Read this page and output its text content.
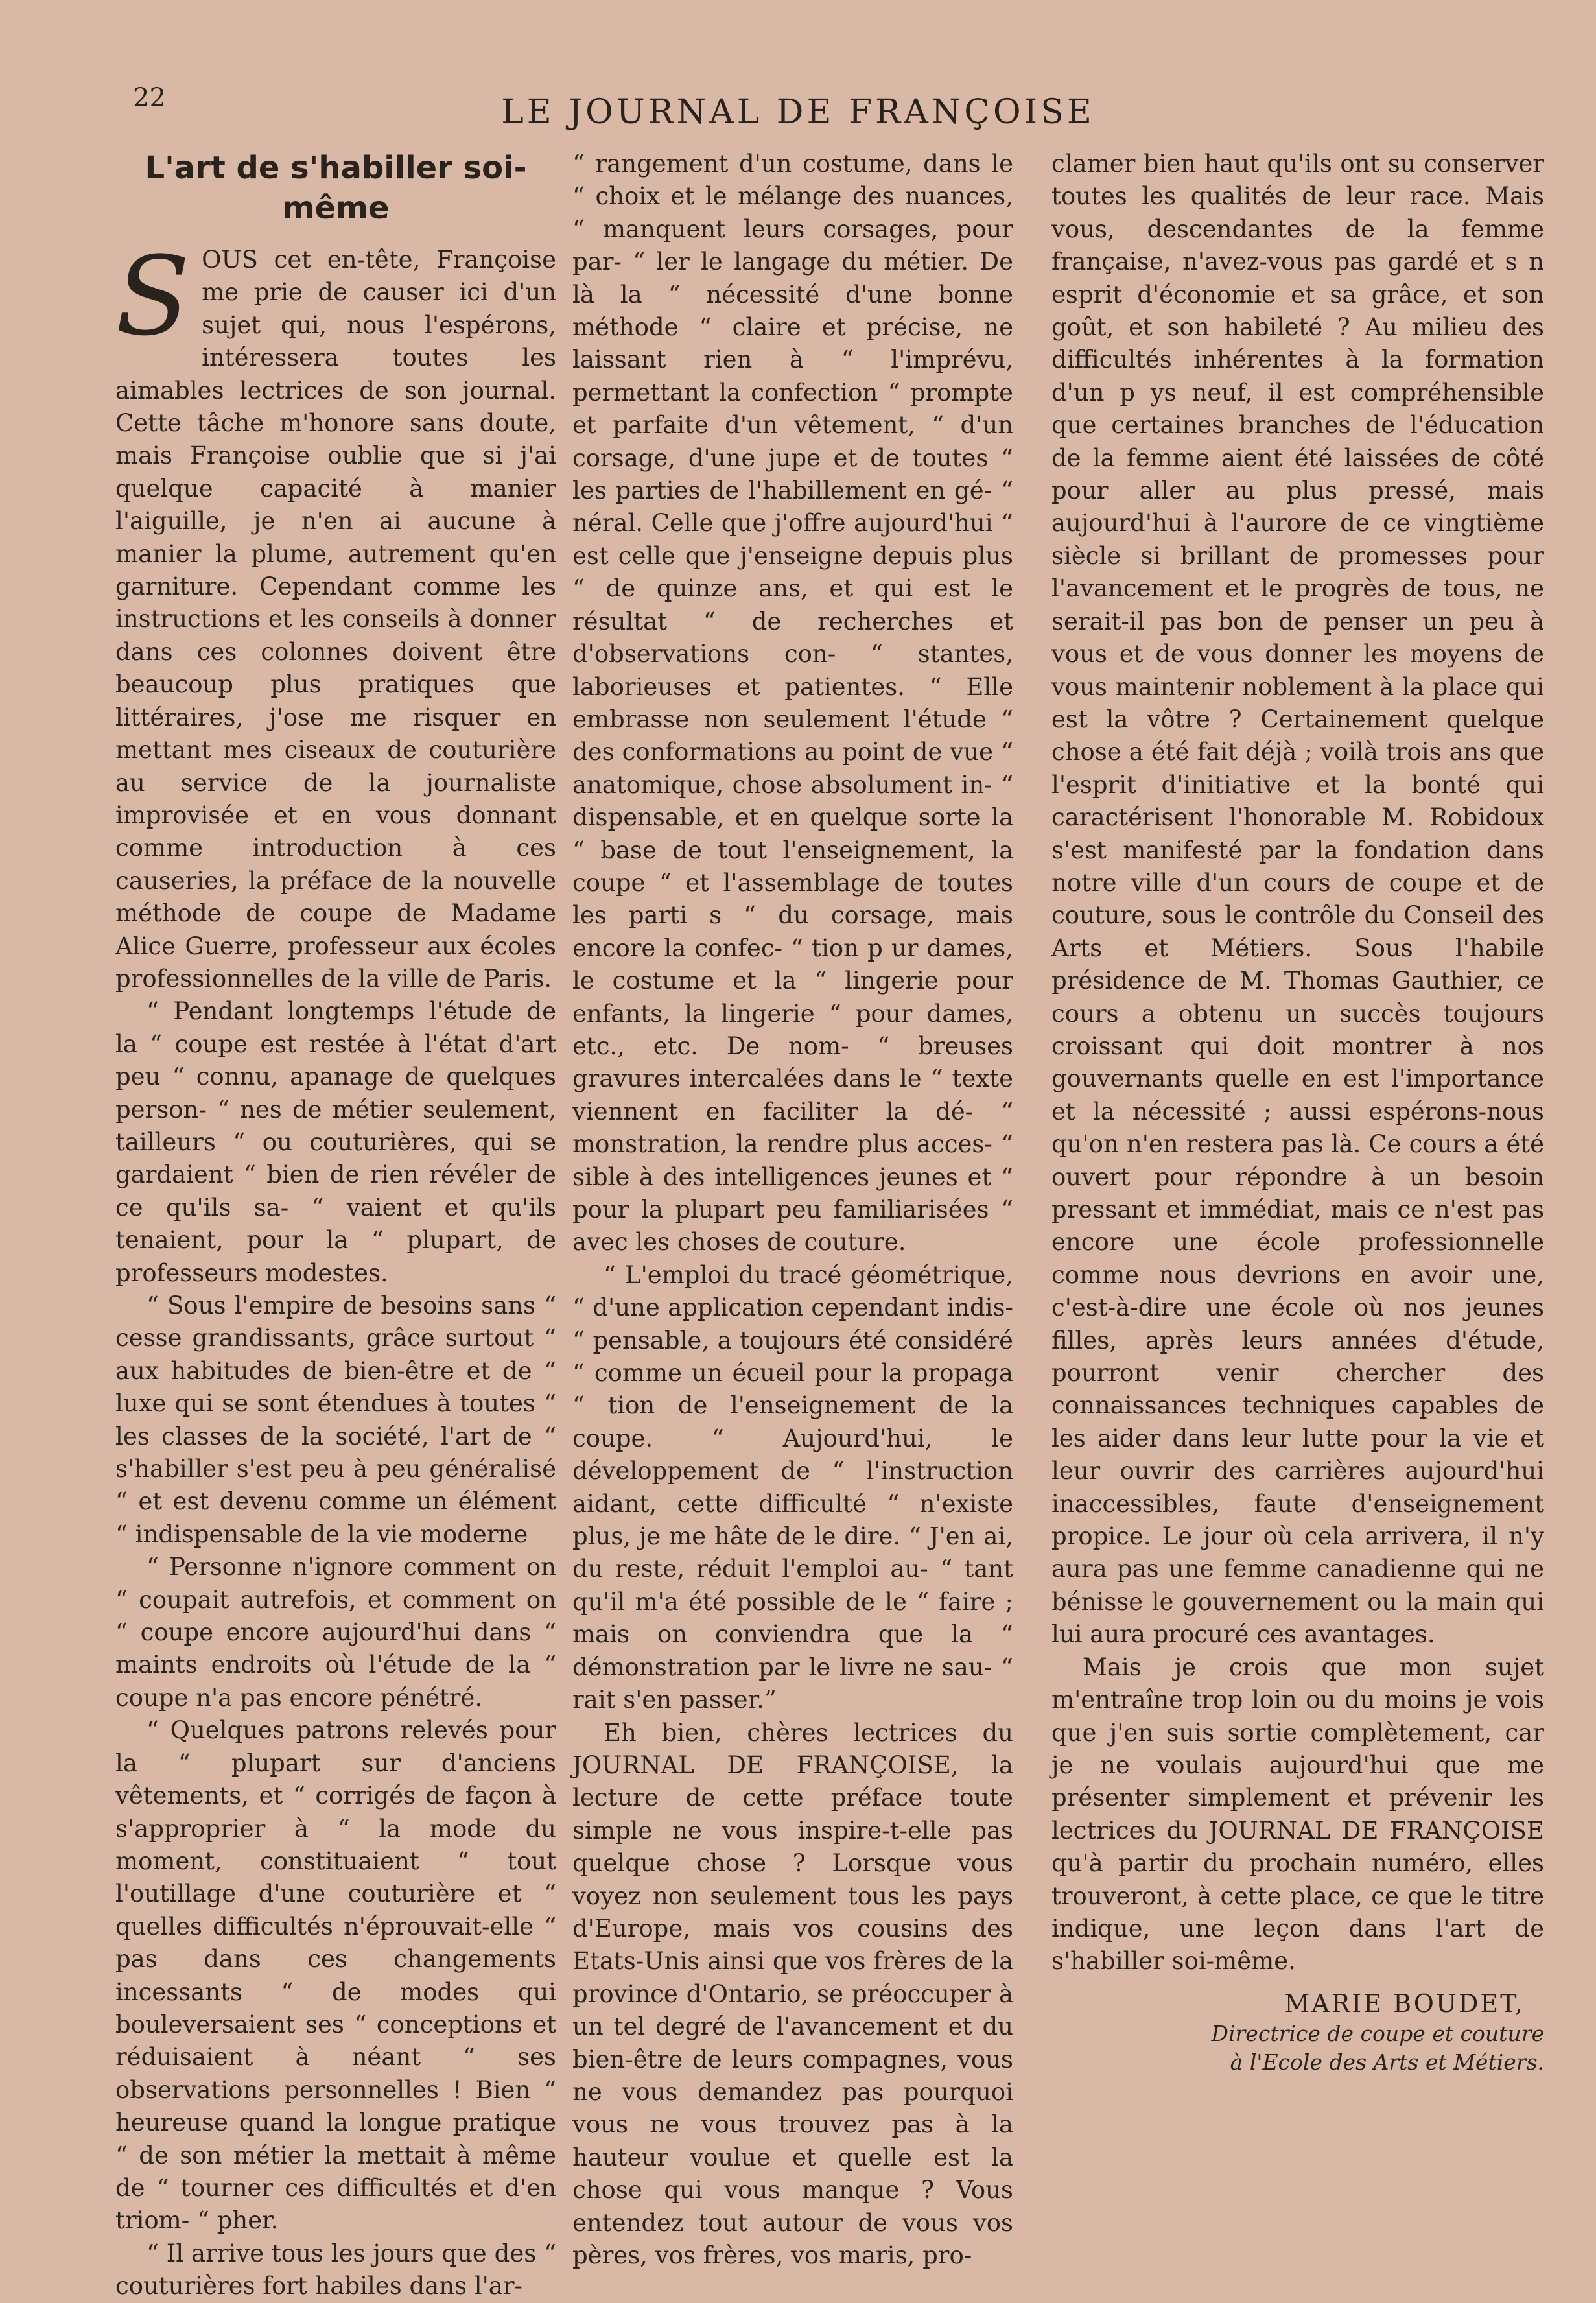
22	LE JOURNAL DE FRANÇOISE
L'art de s'habiller soi-même
S OUS cet en-tête, Françoise me prie de causer ici d'un sujet qui, nous l'espérons, intéressera toutes les aimables lectrices de son journal. Cette tâche m'honore sans doute, mais Françoise oublie que si j'ai quelque capacité à manier l'aiguille, je n'en ai aucune à manier la plume, autrement qu'en garniture. Cependant comme les instructions et les conseils à donner dans ces colonnes doivent être beaucoup plus pratiques que littéraires, j'ose me risquer en mettant mes ciseaux de couturière au service de la journaliste improvisée et en vous donnant comme introduction à ces causeries, la préface de la nouvelle méthode de coupe de Madame Alice Guerre, professeur aux écoles professionnelles de la ville de Paris.

“ Pendant longtemps l'étude de la “ coupe est restée à l'état d'art peu “ connu, apanage de quelques person- “ nes de métier seulement, tailleurs “ ou couturières, qui se gardaient “ bien de rien révéler de ce qu'ils sa- “ vaient et qu'ils tenaient, pour la “ plupart, de professeurs modestes.

“ Sous l'empire de besoins sans “ cesse grandissants, grâce surtout “ aux habitudes de bien-être et de “ luxe qui se sont étendues à toutes “ les classes de la société, l'art de “ s'habiller s'est peu à peu généralisé “ et est devenu comme un élément “ indispensable de la vie moderne

“ Personne n'ignore comment on “ coupait autrefois, et comment on “ coupe encore aujourd'hui dans “ maints endroits où l'étude de la “ coupe n'a pas encore pénétré.

“ Quelques patrons relevés pour la “ plupart sur d'anciens vêtements, et “ corrigés de façon à s'approprier à “ la mode du moment, constituaient “ tout l'outillage d'une couturière et “ quelles difficultés n'éprouvait-elle “ pas dans ces changements incessants “ de modes qui bouleversaient ses “ conceptions et réduisaient à néant “ ses observations personnelles ! Bien “ heureuse quand la longue pratique “ de son métier la mettait à même de “ tourner ces difficultés et d'en triom- “ pher.

“ Il arrive tous les jours que des “ couturières fort habiles dans l'ar-

“ rangement d'un costume, dans le “ choix et le mélange des nuances, “ manquent leurs corsages, pour par- “ ler le langage du métier. De là la “ nécessité d'une bonne méthode “ claire et précise, ne laissant rien à “ l'imprévu, permettant la confection “ prompte et parfaite d'un vêtement, “ d'un corsage, d'une jupe et de toutes “ les parties de l'habillement en gé- “ néral. Celle que j'offre aujourd'hui “ est celle que j'enseigne depuis plus “ de quinze ans, et qui est le résultat “ de recherches et d'observations con- “ stantes, laborieuses et patientes. “ Elle embrasse non seulement l'étude “ des conformations au point de vue “ anatomique, chose absolument in- “ dispensable, et en quelque sorte la “ base de tout l'enseignement, la coupe “ et l'assemblage de toutes les parti s “ du corsage, mais encore la confec- “ tion p ur dames, le costume et la “ lingerie pour enfants, la lingerie “ pour dames, etc., etc. De nom- “ breuses gravures intercalées dans le “ texte viennent en faciliter la dé- “ monstration, la rendre plus acces- “ sible à des intelligences jeunes et “ pour la plupart peu familiarisées “ avec les choses de couture.

“ L'emploi du tracé géométrique, “ d'une application cependant indis- “ pensable, a toujours été considéré “ comme un écueil pour la propaga “ tion de l'enseignement de la coupe. “ Aujourd'hui, le développement de “ l'instruction aidant, cette difficulté “ n'existe plus, je me hâte de le dire. “ J'en ai, du reste, réduit l'emploi au- “ tant qu'il m'a été possible de le “ faire ; mais on conviendra que la “ démonstration par le livre ne sau- “ rait s'en passer.”

Eh bien, chères lectrices du JOURNAL DE FRANÇOISE, la lecture de cette préface toute simple ne vous inspire-t-elle pas quelque chose ? Lorsque vous voyez non seulement tous les pays d'Europe, mais vos cousins des Etats-Unis ainsi que vos frères de la province d'Ontario, se préoccuper à un tel degré de l'avancement et du bien-être de leurs compagnes, vous ne vous demandez pas pourquoi vous ne vous trouvez pas à la hauteur voulue et quelle est la chose qui vous manque ? Vous entendez tout autour de vous vos pères, vos frères, vos maris, pro-

clamer bien haut qu'ils ont su conserver toutes les qualités de leur race. Mais vous, descendantes de la femme française, n'avez-vous pas gardé et s n esprit d'économie et sa grâce, et son goût, et son habileté ? Au milieu des difficultés inhérentes à la formation d'un p ys neuf, il est compréhensible que certaines branches de l'éducation de la femme aient été laissées de côté pour aller au plus pressé, mais aujourd'hui à l'aurore de ce vingtième siècle si brillant de promesses pour l'avancement et le progrès de tous, ne serait-il pas bon de penser un peu à vous et de vous donner les moyens de vous maintenir noblement à la place qui est la vôtre ? Certainement quelque chose a été fait déjà ; voilà trois ans que l'esprit d'initiative et la bonté qui caractérisent l'honorable M. Robidoux s'est manifesté par la fondation dans notre ville d'un cours de coupe et de couture, sous le contrôle du Conseil des Arts et Métiers. Sous l'habile présidence de M. Thomas Gauthier, ce cours a obtenu un succès toujours croissant qui doit montrer à nos gouvernants quelle en est l'importance et la nécessité ; aussi espérons-nous qu'on n'en restera pas là. Ce cours a été ouvert pour répondre à un besoin pressant et immédiat, mais ce n'est pas encore une école professionnelle comme nous devrions en avoir une, c'est-à-dire une école où nos jeunes filles, après leurs années d'étude, pourront venir chercher des connaissances techniques capables de les aider dans leur lutte pour la vie et leur ouvrir des carrières aujourd'hui inaccessibles, faute d'enseignement propice. Le jour où cela arrivera, il n'y aura pas une femme canadienne qui ne bénisse le gouvernement ou la main qui lui aura procuré ces avantages.

Mais je crois que mon sujet m'entraîne trop loin ou du moins je vois que j'en suis sortie complètement, car je ne voulais aujourd'hui que me présenter simplement et prévenir les lectrices du JOURNAL DE FRANÇOISE qu'à partir du prochain numéro, elles trouveront, à cette place, ce que le titre indique, une leçon dans l'art de s'habiller soi-même.

MARIE BOUDET,
Directrice de coupe et couture
à l'Ecole des Arts et Métiers.
